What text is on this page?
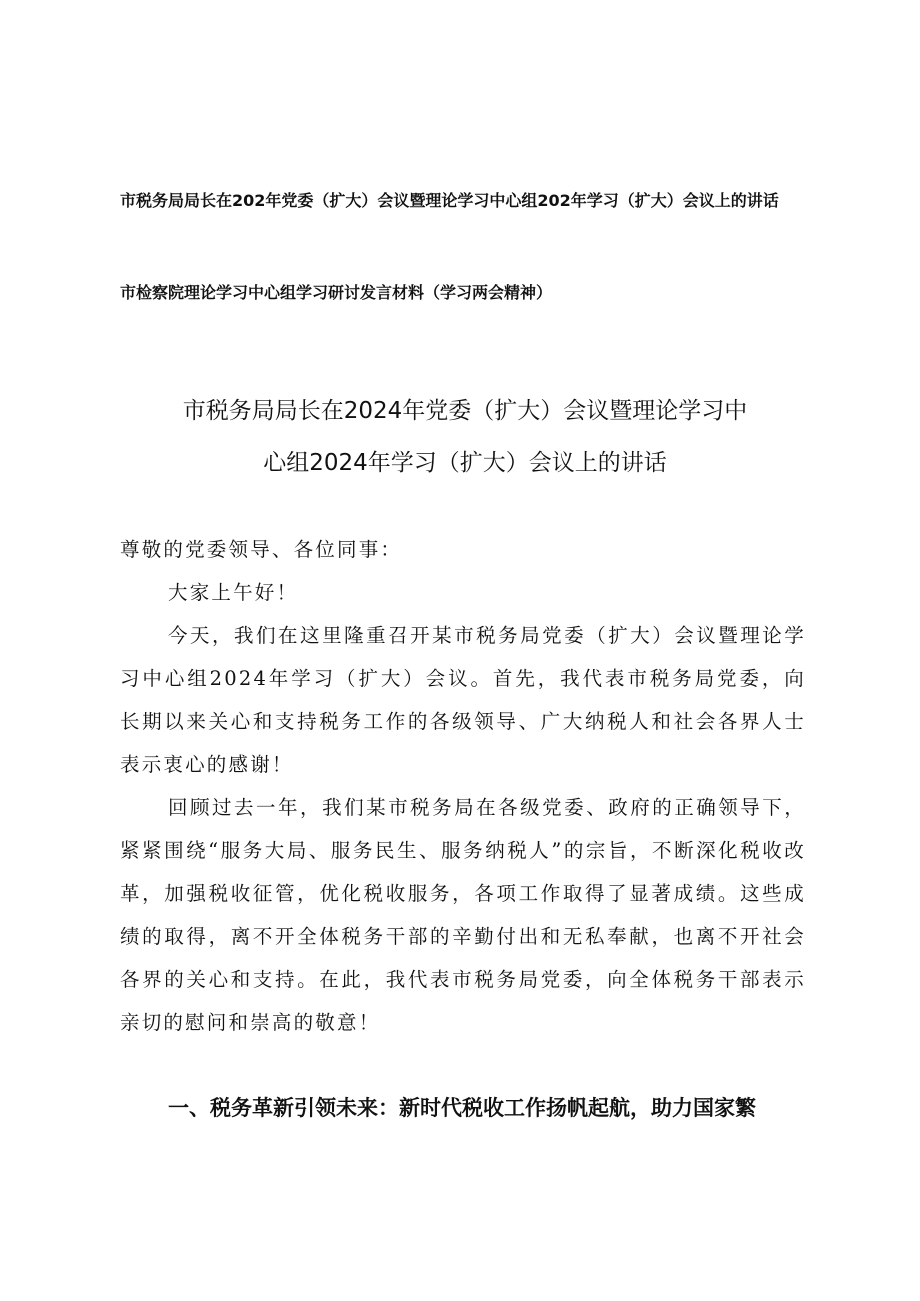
市税务局局长在202年党委（扩大）会议暨理论学习中心组202年学习（扩大）会议上的讲话
市检察院理论学习中心组学习研讨发言材料（学习两会精神）
市税务局局长在2024年党委（扩大）会议暨理论学习中
心组2024年学习（扩大）会议上的讲话
尊敬的党委领导、各位同事：
大家上午好！
今天，我们在这里隆重召开某市税务局党委（扩大）会议暨理论学习中心组2024年学习（扩大）会议。首先，我代表市税务局党委，向长期以来关心和支持税务工作的各级领导、广大纳税人和社会各界人士表示衷心的感谢！
回顾过去一年，我们某市税务局在各级党委、政府的正确领导下，紧紧围绕“服务大局、服务民生、服务纳税人”的宗旨，不断深化税收改革，加强税收征管，优化税收服务，各项工作取得了显著成绩。这些成绩的取得，离不开全体税务干部的辛勤付出和无私奉献，也离不开社会各界的关心和支持。在此，我代表市税务局党委，向全体税务干部表示亲切的慰问和崇高的敬意！
一、税务革新引领未来：新时代税收工作扬帆起航，助力国家繁
